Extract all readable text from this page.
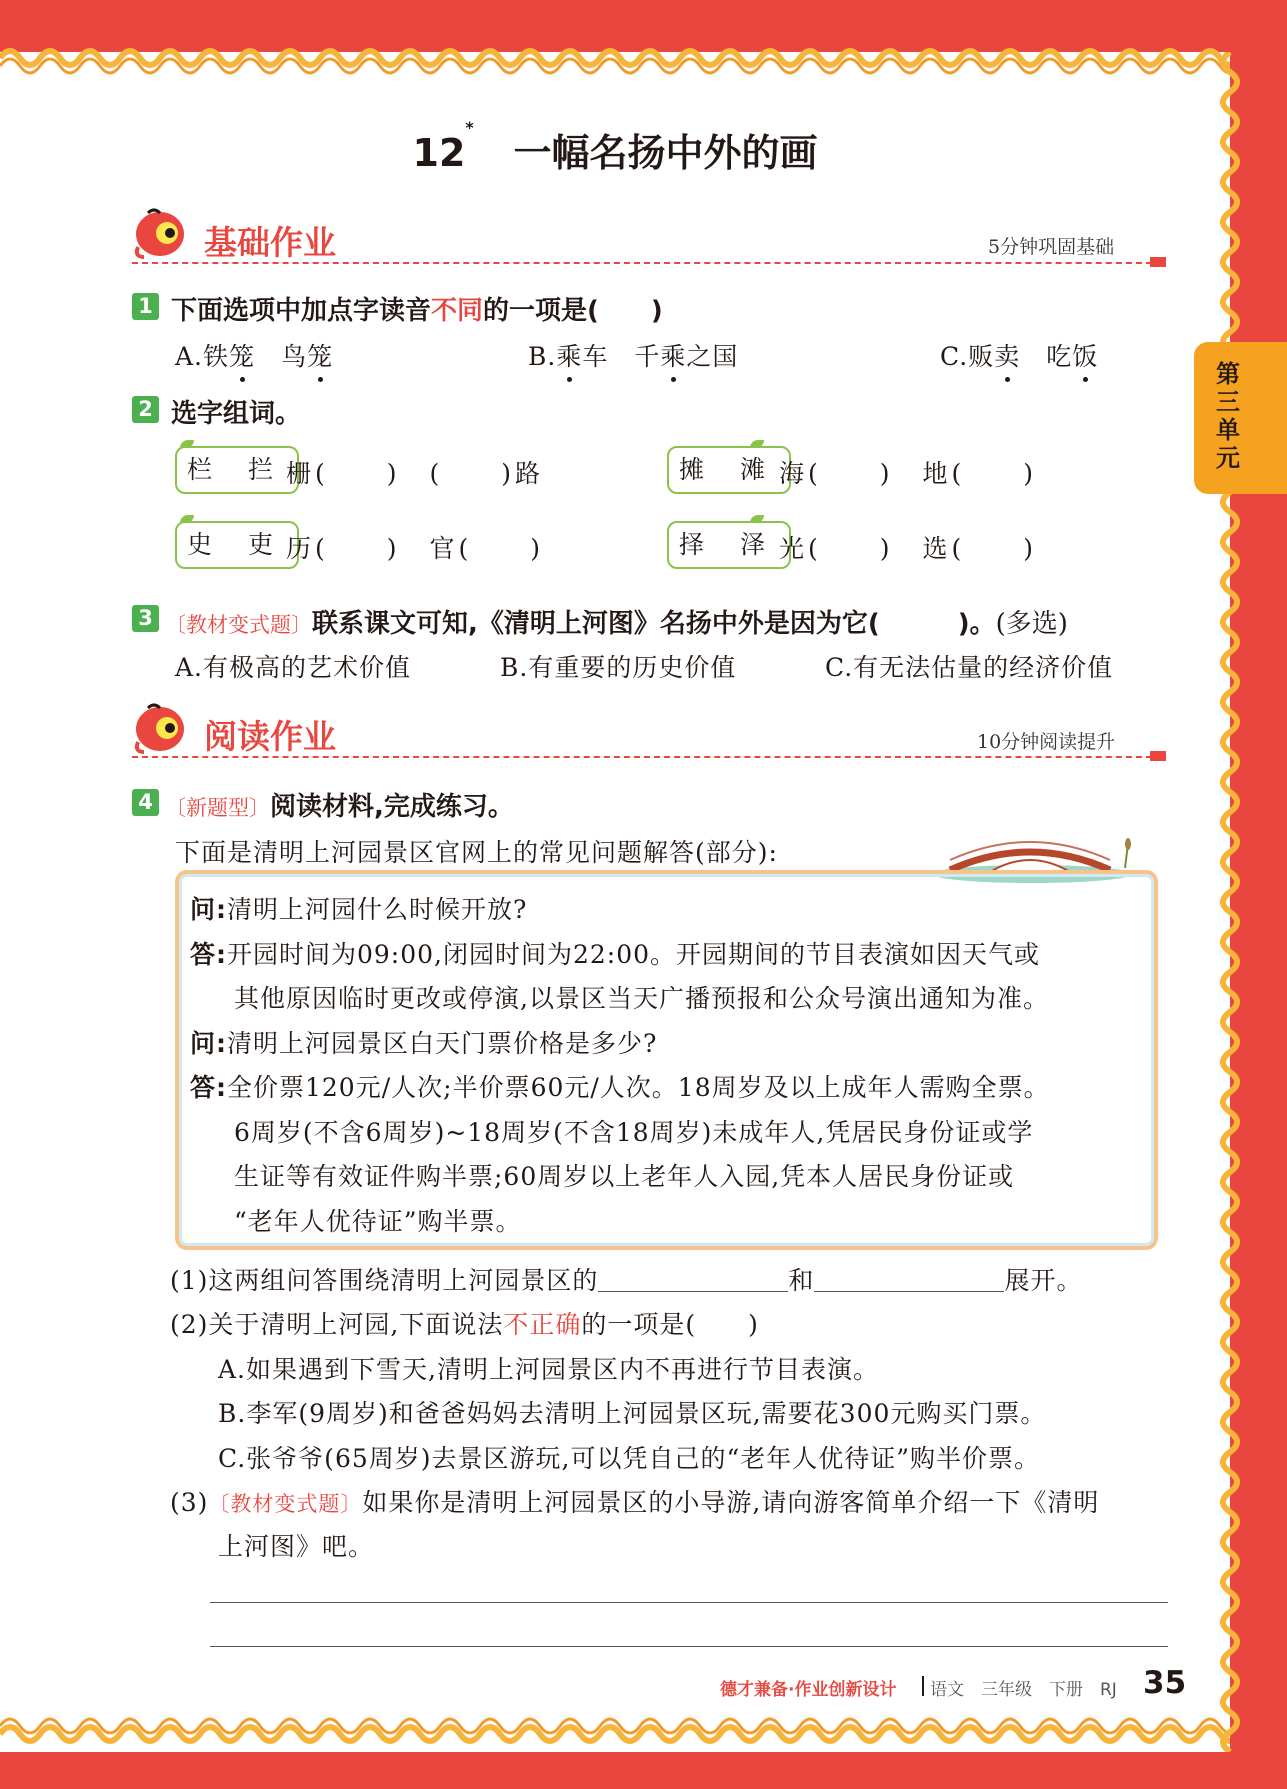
第三单元
12*   一幅名扬中外的画
基础作业	5分钟巩固基础
1 下面选项中加点字读音不同的一项是(　　)
A.铁笼　 鸟笼	B.乘车　 千乘之国	C.贩卖　 吃饭
2 选字组词。
栏 拦 栅(　　)　(　　)路	摊 滩 海(　　)　地(　　)
史 吏 历(　　)　官(　　)	择 泽 光(　　)　选(　　)
3 〔教材变式题〕联系课文可知,《清明上河图》名扬中外是因为它(　　　)。(多选)
A.有极高的艺术价值	B.有重要的历史价值	C.有无法估量的经济价值
阅读作业	10分钟阅读提升
4 〔新题型〕阅读材料,完成练习。
下面是清明上河园景区官网上的常见问题解答(部分):
问:清明上河园什么时候开放?
答:开园时间为09:00,闭园时间为22:00。开园期间的节目表演如因天气或
其他原因临时更改或停演,以景区当天广播预报和公众号演出通知为准。
问:清明上河园景区白天门票价格是多少?
答:全价票120元/人次;半价票60元/人次。18周岁及以上成年人需购全票。
6周岁(不含6周岁)~18周岁(不含18周岁)未成年人,凭居民身份证或学
生证等有效证件购半票;60周岁以上老年人入园,凭本人居民身份证或
“老年人优待证”购半票。
(1)这两组问答围绕清明上河园景区的	和	展开。
(2)关于清明上河园,下面说法不正确的一项是(　　)
A.如果遇到下雪天,清明上河园景区内不再进行节目表演。
B.李军(9周岁)和爸爸妈妈去清明上河园景区玩,需要花300元购买门票。
C.张爷爷(65周岁)去景区游玩,可以凭自己的“老年人优待证”购半价票。
(3)〔教材变式题〕如果你是清明上河园景区的小导游,请向游客简单介绍一下《清明
上河图》吧。
德才兼备·作业创新设计 语文　三年级　下册　RJ 35
